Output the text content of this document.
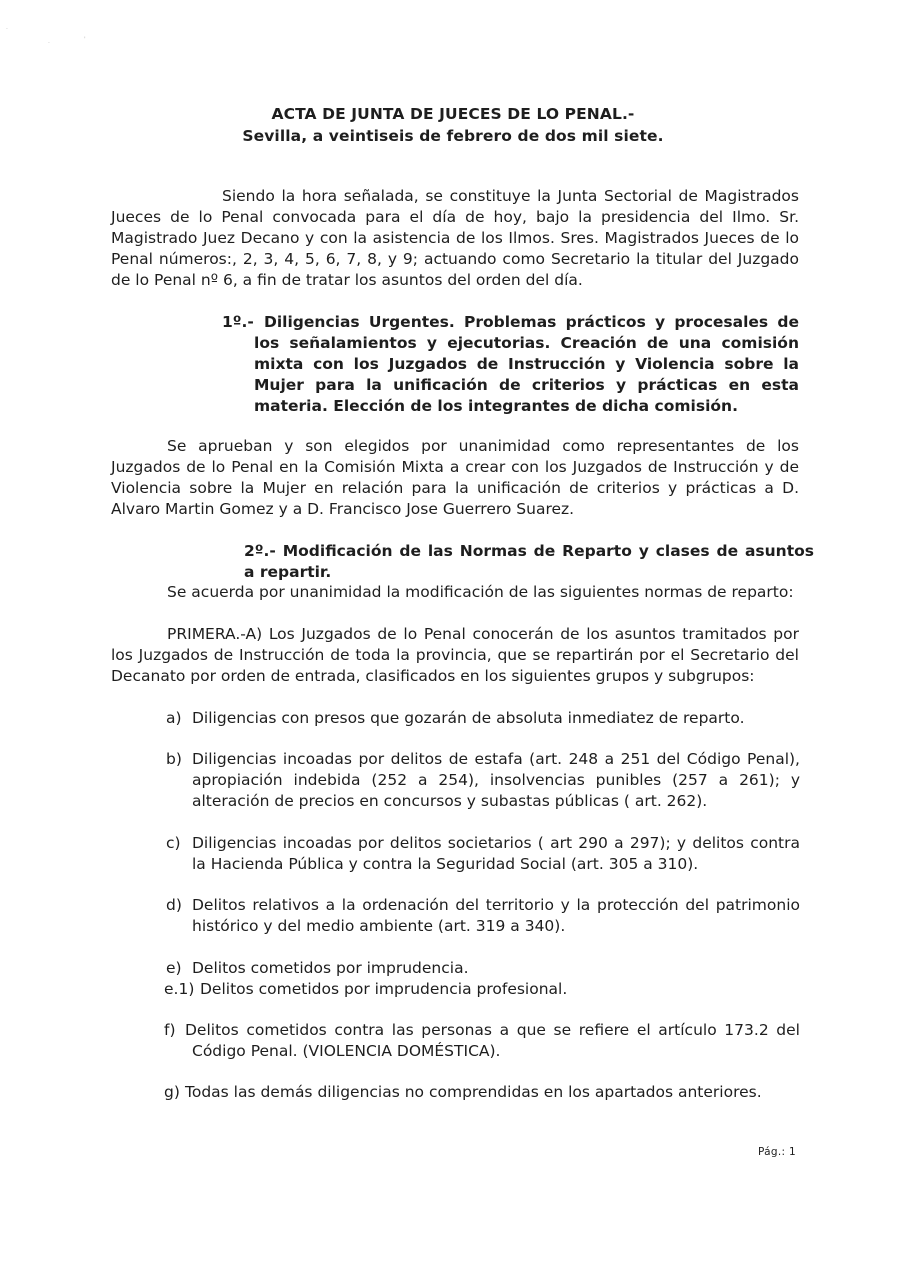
·
·
'
ACTA DE JUNTA DE JUECES DE LO PENAL.-
Sevilla, a veintiseis de febrero de dos mil siete.
Siendo la hora señalada, se constituye la Junta Sectorial de Magistrados Jueces de lo Penal convocada para el día de hoy, bajo la presidencia del Ilmo. Sr. Magistrado Juez Decano y con la asistencia de los Ilmos. Sres. Magistrados Jueces de lo Penal números:, 2, 3, 4, 5, 6, 7, 8, y 9; actuando como Secretario la titular del Juzgado de lo Penal nº 6, a fin de tratar los asuntos del orden del día.
1º.- Diligencias Urgentes. Problemas prácticos y procesales de los señalamientos y ejecutorias. Creación de una comisión mixta con los Juzgados de Instrucción y Violencia sobre la Mujer para la unificación de criterios y prácticas en esta materia. Elección de los integrantes de dicha comisión.
Se aprueban y son elegidos por unanimidad como representantes de los Juzgados de lo Penal en la Comisión Mixta a crear con los Juzgados de Instrucción y de Violencia sobre la Mujer en relación para la unificación de criterios y prácticas a D. Alvaro Martin Gomez y a D. Francisco Jose Guerrero Suarez.
2º.- Modificación de las Normas de Reparto y clases de asuntos a repartir.
Se acuerda por unanimidad la modificación de las siguientes normas de reparto:
PRIMERA.-A) Los Juzgados de lo Penal conocerán de los asuntos tramitados por los Juzgados de Instrucción de toda la provincia, que se repartirán por el Secretario del Decanato por orden de entrada, clasificados en los siguientes grupos y subgrupos:
a) Diligencias con presos que gozarán de absoluta inmediatez de reparto.
b) Diligencias incoadas por delitos de estafa (art. 248 a 251 del Código Penal), apropiación indebida (252 a 254), insolvencias punibles (257 a 261); y alteración de precios en concursos y subastas públicas ( art. 262).
c) Diligencias incoadas por delitos societarios ( art 290 a 297); y delitos contra la Hacienda Pública y contra la Seguridad Social (art. 305 a 310).
d) Delitos relativos a la ordenación del territorio y la protección del patrimonio histórico y del medio ambiente (art. 319 a 340).
e) Delitos cometidos por imprudencia.
e.1) Delitos cometidos por imprudencia profesional.
f) Delitos cometidos contra las personas a que se refiere el artículo 173.2 del Código Penal. (VIOLENCIA DOMÉSTICA).
g) Todas las demás diligencias no comprendidas en los apartados anteriores.
Pág.: 1
